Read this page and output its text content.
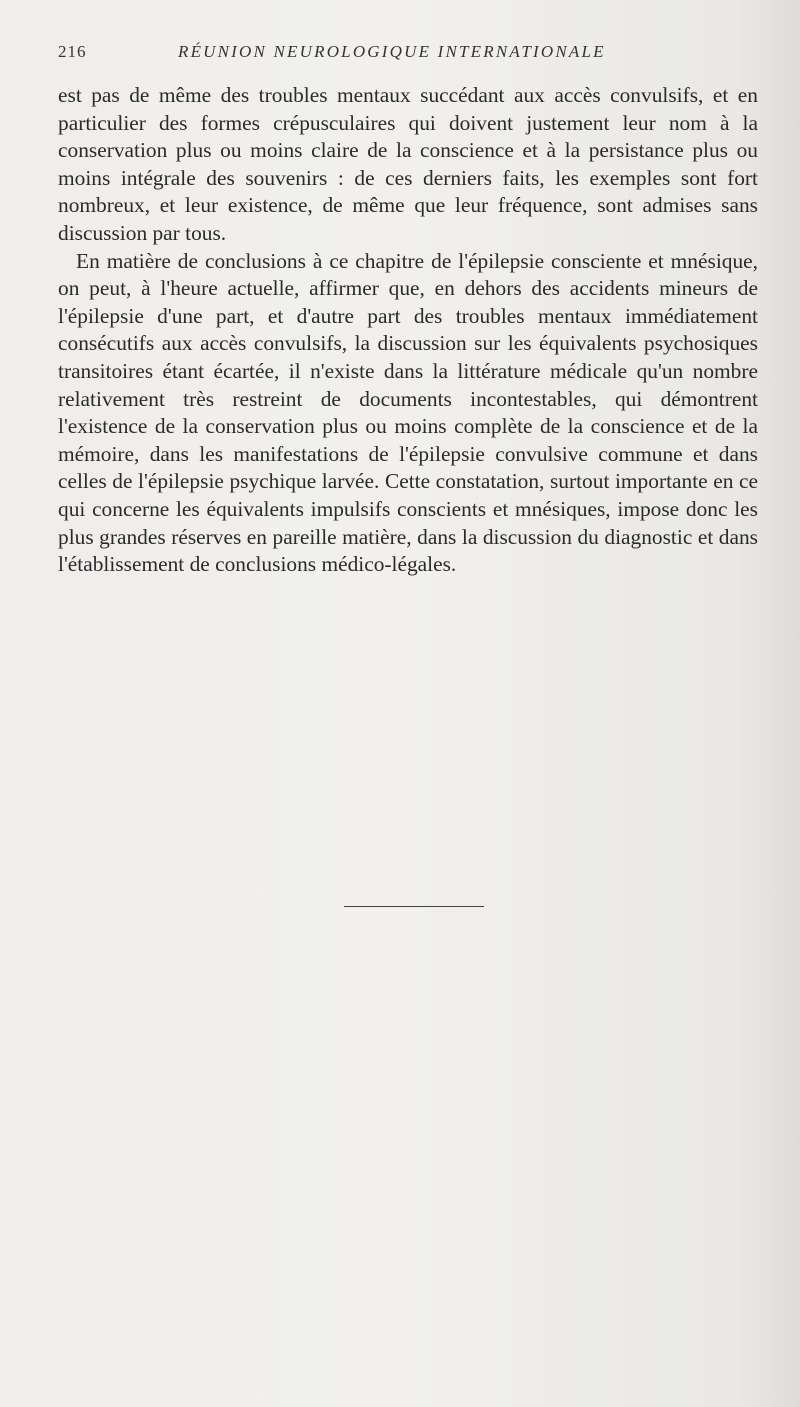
216	RÉUNION NEUROLOGIQUE INTERNATIONALE

est pas de même des troubles mentaux succédant aux accès convulsifs, et en particulier des formes crépusculaires qui doivent justement leur nom à la conservation plus ou moins claire de la conscience et à la persistance plus ou moins intégrale des souvenirs : de ces derniers faits, les exemples sont fort nombreux, et leur existence, de même que leur fréquence, sont admises sans discussion par tous.

En matière de conclusions à ce chapitre de l'épilepsie consciente et mnésique, on peut, à l'heure actuelle, affirmer que, en dehors des accidents mineurs de l'épilepsie d'une part, et d'autre part des troubles mentaux immédiatement consécutifs aux accès convulsifs, la discussion sur les équivalents psychosiques transitoires étant écartée, il n'existe dans la littérature médicale qu'un nombre relativement très restreint de documents incontestables, qui démontrent l'existence de la conservation plus ou moins complète de la conscience et de la mémoire, dans les manifestations de l'épilepsie convulsive commune et dans celles de l'épilepsie psychique larvée. Cette constatation, surtout importante en ce qui concerne les équivalents impulsifs conscients et mnésiques, impose donc les plus grandes réserves en pareille matière, dans la discussion du diagnostic et dans l'établissement de conclusions médico-légales.
